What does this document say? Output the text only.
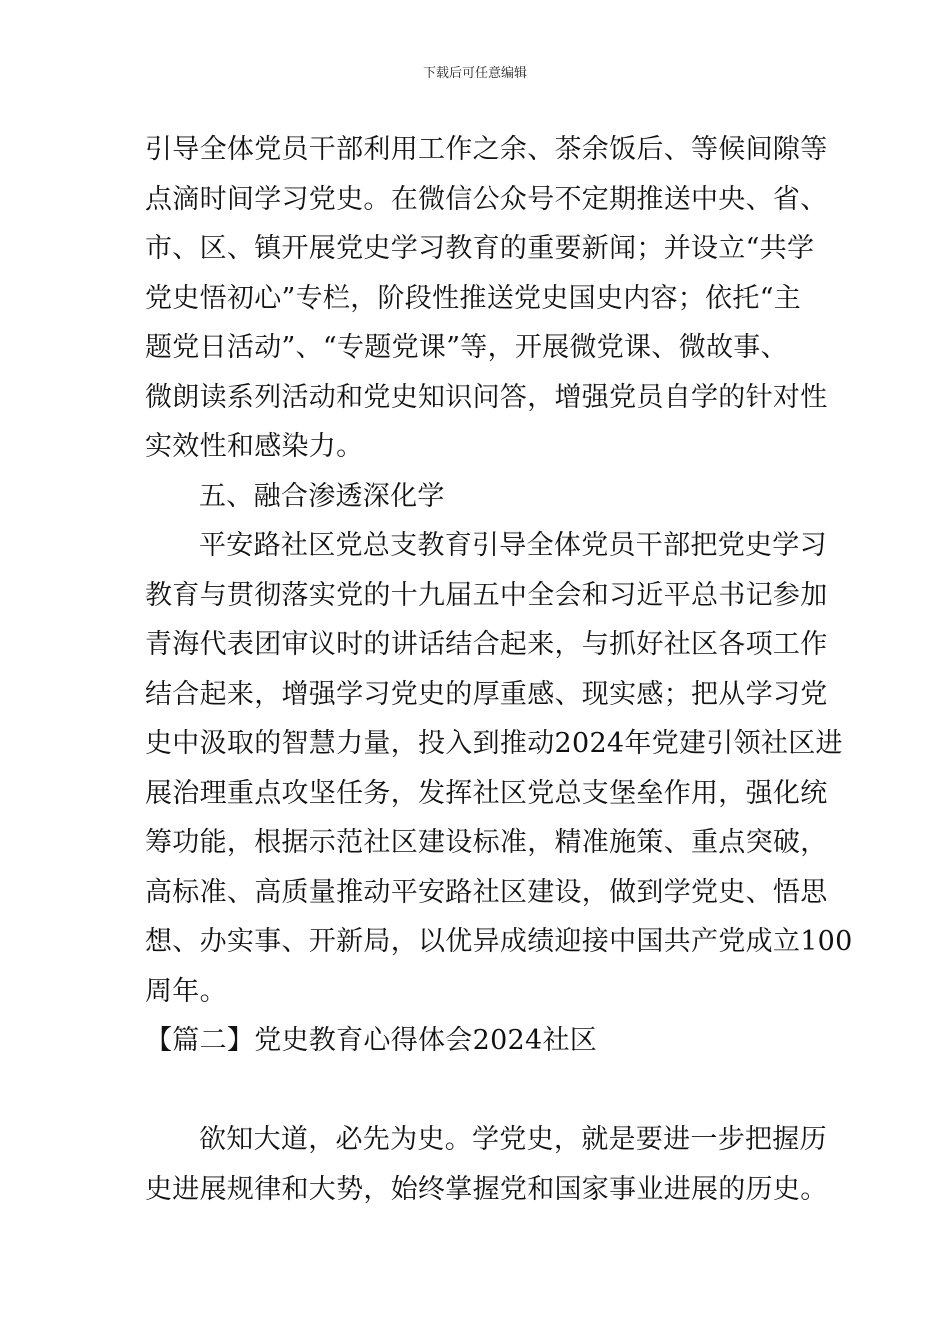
下载后可任意编辑
引导全体党员干部利用工作之余、茶余饭后、等候间隙等
点滴时间学习党史。在微信公众号不定期推送中央、省、
市、区、镇开展党史学习教育的重要新闻；并设立“共学
党史悟初心”专栏，阶段性推送党史国史内容；依托“主
题党日活动”、“专题党课”等，开展微党课、微故事、
微朗读系列活动和党史知识问答，增强党员自学的针对性
实效性和感染力。
五、融合渗透深化学
平安路社区党总支教育引导全体党员干部把党史学习
教育与贯彻落实党的十九届五中全会和习近平总书记参加
青海代表团审议时的讲话结合起来，与抓好社区各项工作
结合起来，增强学习党史的厚重感、现实感；把从学习党
史中汲取的智慧力量，投入到推动2024年党建引领社区进
展治理重点攻坚任务，发挥社区党总支堡垒作用，强化统
筹功能，根据示范社区建设标准，精准施策、重点突破，
高标准、高质量推动平安路社区建设，做到学党史、悟思
想、办实事、开新局，以优异成绩迎接中国共产党成立100
周年。
【篇二】党史教育心得体会2024社区
欲知大道，必先为史。学党史，就是要进一步把握历
史进展规律和大势，始终掌握党和国家事业进展的历史。
